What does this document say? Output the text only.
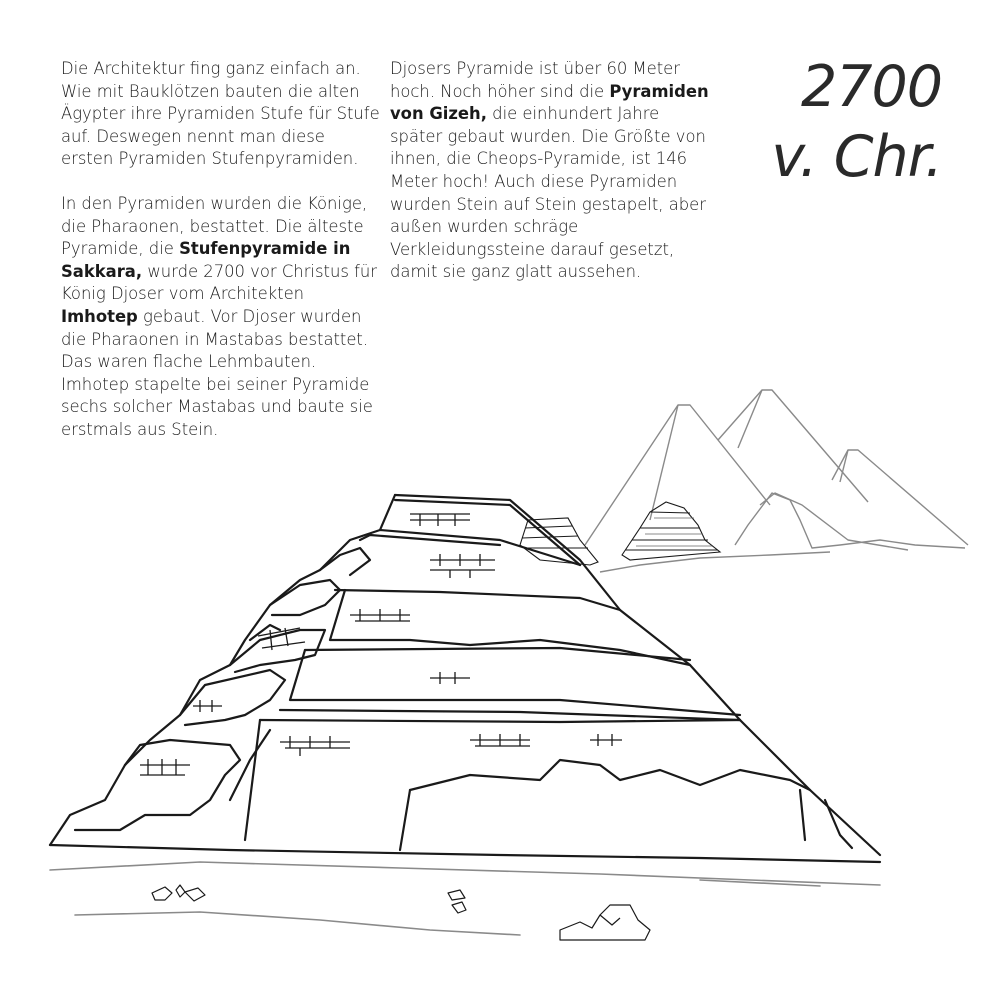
Die Architektur fing ganz einfach an. Wie mit Bauklötzen bauten die alten Ägypter ihre Pyramiden Stufe für Stufe auf. Deswegen nennt man diese ersten Pyramiden Stufenpyramiden.

In den Pyramiden wurden die Könige, die Pharaonen, bestattet. Die älteste Pyramide, die Stufenpyramide in Sakkara, wurde 2700 vor Christus für König Djoser vom Architekten Imhotep gebaut. Vor Djoser wurden die Pharaonen in Mastabas bestattet. Das waren flache Lehmbauten. Imhotep stapelte bei seiner Pyramide sechs solcher Mastabas und baute sie erstmals aus Stein.

Djosers Pyramide ist über 60 Meter hoch. Noch höher sind die Pyramiden von Gizeh, die einhundert Jahre später gebaut wurden. Die Größte von ihnen, die Cheops-Pyramide, ist 146 Meter hoch! Auch diese Pyramiden wurden Stein auf Stein gestapelt, aber außen wurden schräge Verkleidungssteine darauf gesetzt, damit sie ganz glatt aussehen.

2700
v. Chr.
